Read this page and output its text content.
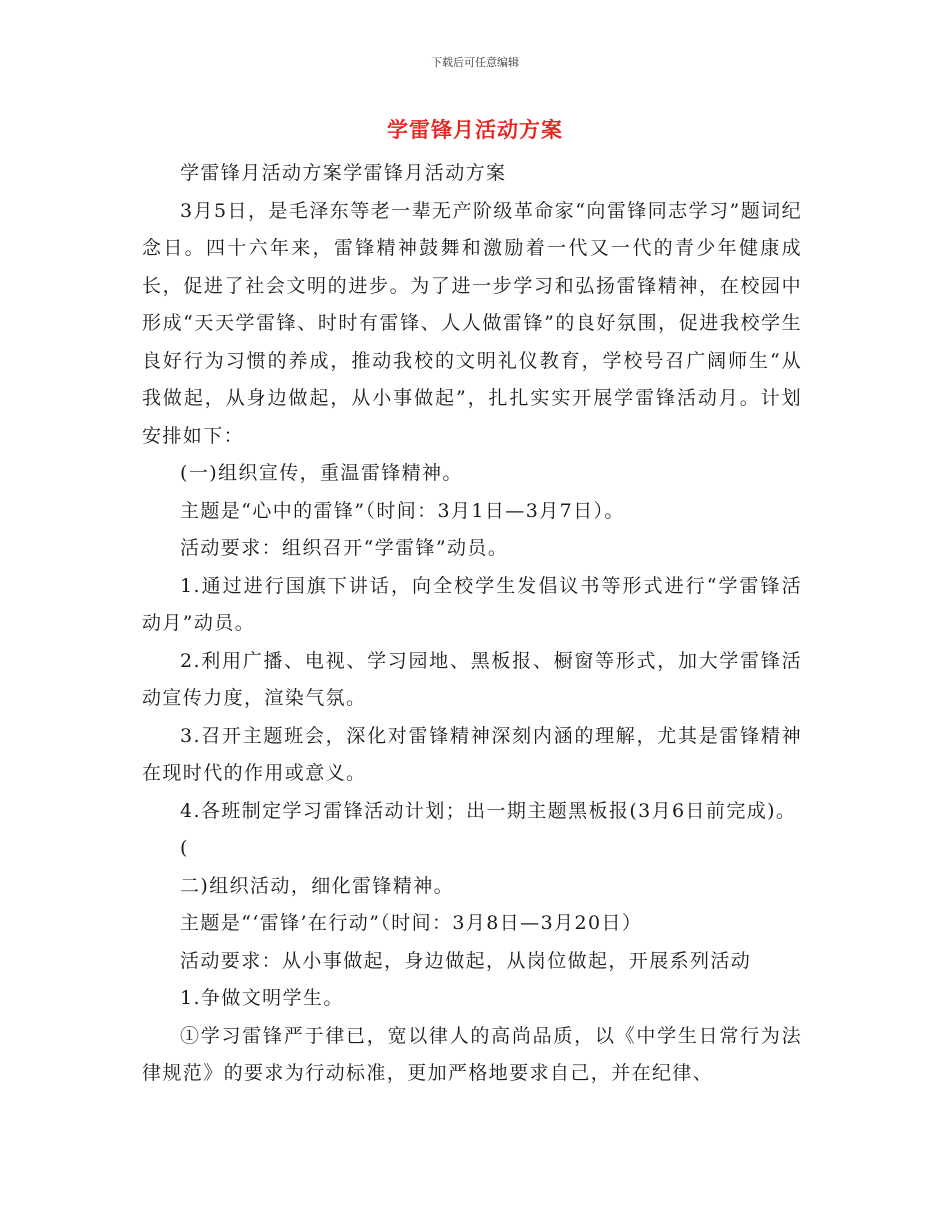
下载后可任意编辑
学雷锋月活动方案

学雷锋月活动方案学雷锋月活动方案

3月5日，是毛泽东等老一辈无产阶级革命家“向雷锋同志学习”题词纪念日。四十六年来，雷锋精神鼓舞和激励着一代又一代的青少年健康成长，促进了社会文明的进步。为了进一步学习和弘扬雷锋精神，在校园中形成“天天学雷锋、时时有雷锋、人人做雷锋”的良好氛围，促进我校学生良好行为习惯的养成，推动我校的文明礼仪教育，学校号召广阔师生“从我做起，从身边做起，从小事做起”，扎扎实实开展学雷锋活动月。计划安排如下：

(一)组织宣传，重温雷锋精神。

主题是“心中的雷锋”（时间：3月1日—3月7日）。

活动要求：组织召开“学雷锋”动员。

1.通过进行国旗下讲话，向全校学生发倡议书等形式进行“学雷锋活动月”动员。

2.利用广播、电视、学习园地、黑板报、橱窗等形式，加大学雷锋活动宣传力度，渲染气氛。

3.召开主题班会，深化对雷锋精神深刻内涵的理解，尤其是雷锋精神在现时代的作用或意义。

4.各班制定学习雷锋活动计划；出一期主题黑板报(3月6日前完成)。

(

二)组织活动，细化雷锋精神。

主题是“‘雷锋’在行动”（时间：3月8日—3月20日）

活动要求：从小事做起，身边做起，从岗位做起，开展系列活动

1.争做文明学生。

①学习雷锋严于律已，宽以律人的高尚品质，以《中学生日常行为法律规范》的要求为行动标准，更加严格地要求自己，并在纪律、
